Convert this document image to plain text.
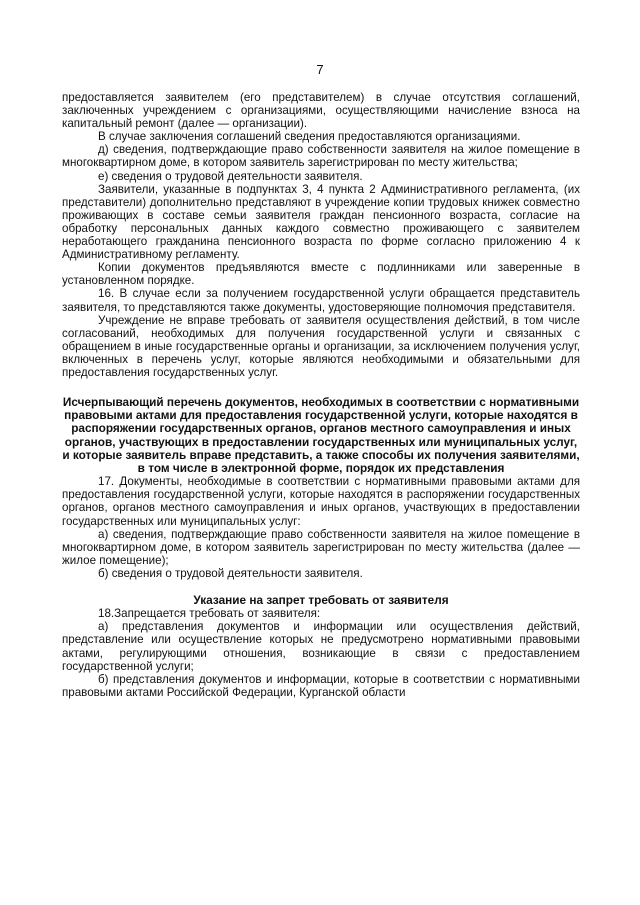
7

предоставляется заявителем (его представителем) в случае отсутствия соглашений, заключенных учреждением с организациями, осуществляющими начисление взноса на капитальный ремонт (далее — организации).

В случае заключения соглашений сведения предоставляются организациями.

д) сведения, подтверждающие право собственности заявителя на жилое помещение в многоквартирном доме, в котором заявитель зарегистрирован по месту жительства;

е) сведения о трудовой деятельности заявителя.

Заявители, указанные в подпунктах 3, 4 пункта 2 Административного регламента, (их представители) дополнительно представляют в учреждение копии трудовых книжек совместно проживающих в составе семьи заявителя граждан пенсионного возраста, согласие на обработку персональных данных каждого совместно проживающего с заявителем неработающего гражданина пенсионного возраста по форме согласно приложению 4 к Административному регламенту.

Копии документов предъявляются вместе с подлинниками или заверенные в установленном порядке.

16. В случае если за получением государственной услуги обращается представитель заявителя, то представляются также документы, удостоверяющие полномочия представителя.

Учреждение не вправе требовать от заявителя осуществления действий, в том числе согласований, необходимых для получения государственной услуги и связанных с обращением в иные государственные органы и организации, за исключением получения услуг, включенных в перечень услуг, которые являются необходимыми и обязательными для предоставления государственных услуг.

Исчерпывающий перечень документов, необходимых в соответствии с нормативными правовыми актами для предоставления государственной услуги, которые находятся в распоряжении государственных органов, органов местного самоуправления и иных органов, участвующих в предоставлении государственных или муниципальных услуг, и которые заявитель вправе представить, а также способы их получения заявителями, в том числе в электронной форме, порядок их представления

17. Документы, необходимые в соответствии с нормативными правовыми актами для предоставления государственной услуги, которые находятся в распоряжении государственных органов, органов местного самоуправления и иных органов, участвующих в предоставлении государственных или муниципальных услуг:

а) сведения, подтверждающие право собственности заявителя на жилое помещение в многоквартирном доме, в котором заявитель зарегистрирован по месту жительства (далее — жилое помещение);

б) сведения о трудовой деятельности заявителя.

Указание на запрет требовать от заявителя

18.Запрещается требовать от заявителя:

а) представления документов и информации или осуществления действий, представление или осуществление которых не предусмотрено нормативными правовыми актами, регулирующими отношения, возникающие в связи с предоставлением государственной услуги;

б) представления документов и информации, которые в соответствии с нормативными правовыми актами Российской Федерации, Курганской области
